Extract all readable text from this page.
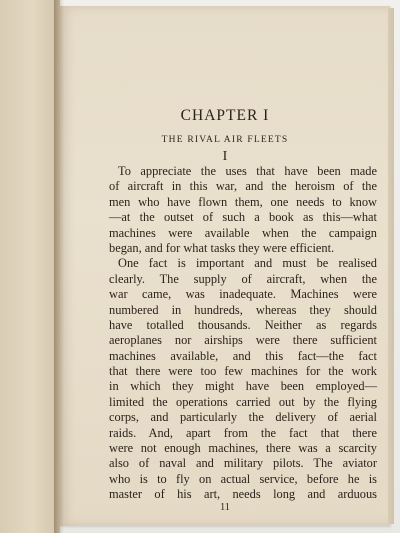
CHAPTER I
THE RIVAL AIR FLEETS
I
To appreciate the uses that have been made
of aircraft in this war, and the heroism of the
men who have flown them, one needs to know
—at the outset of such a book as this—what
machines were available when the campaign
began, and for what tasks they were efficient.
One fact is important and must be realised
clearly. The supply of aircraft, when the
war came, was inadequate. Machines were
numbered in hundreds, whereas they should
have totalled thousands. Neither as regards
aeroplanes nor airships were there sufficient
machines available, and this fact—the fact
that there were too few machines for the work
in which they might have been employed—
limited the operations carried out by the flying
corps, and particularly the delivery of aerial
raids. And, apart from the fact that there
were not enough machines, there was a scarcity
also of naval and military pilots. The aviator
who is to fly on actual service, before he is
master of his art, needs long and arduous
11
